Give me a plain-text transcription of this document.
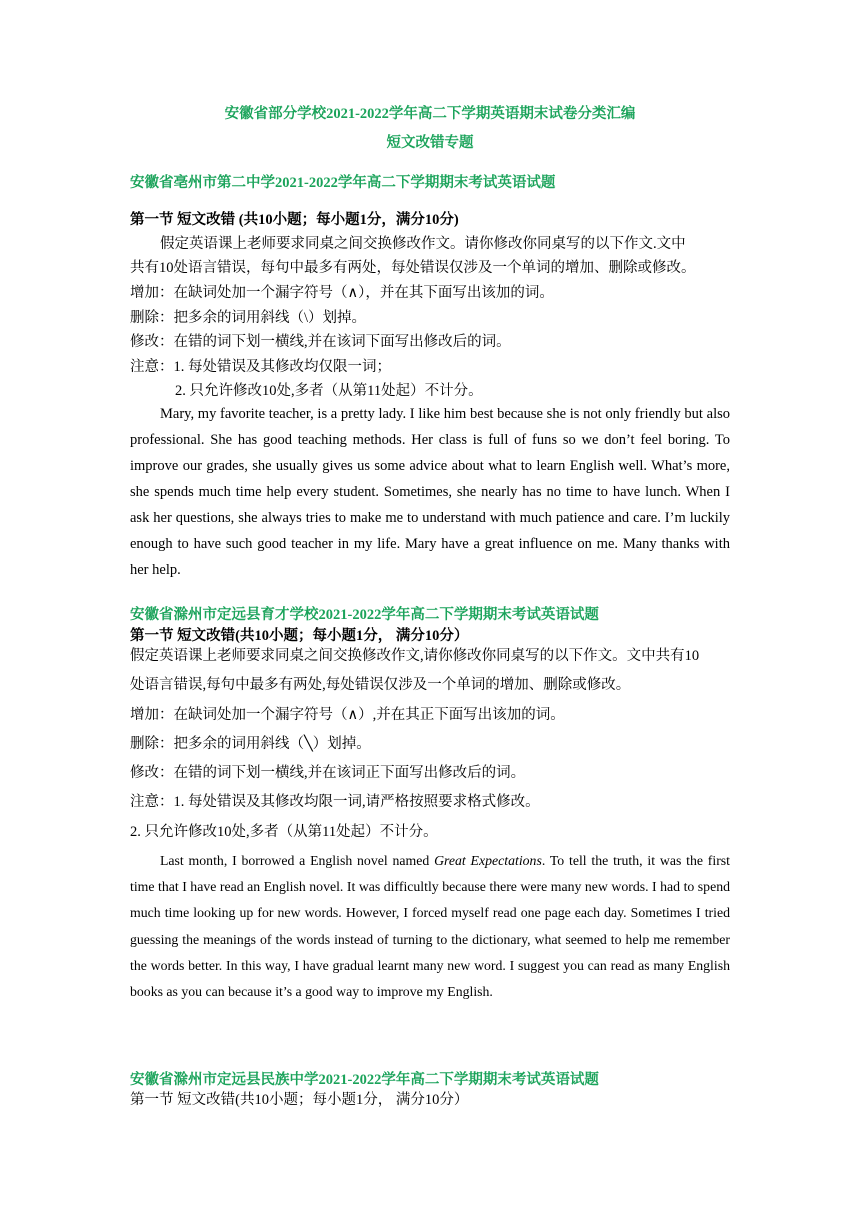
安徽省部分学校2021-2022学年高二下学期英语期末试卷分类汇编
短文改错专题
安徽省亳州市第二中学2021-2022学年高二下学期期末考试英语试题
第一节 短文改错 (共10小题；每小题1分，满分10分)
假定英语课上老师要求同桌之间交换修改作文。请你修改你同桌写的以下作文.文中
共有10处语言错误，每句中最多有两处，每处错误仅涉及一个单词的增加、删除或修改。
增加：在缺词处加一个漏字符号（∧），并在其下面写出该加的词。
删除：把多余的词用斜线（\）划掉。
修改：在错的词下划一横线,并在该词下面写出修改后的词。
注意：1. 每处错误及其修改均仅限一词；
2. 只允许修改10处,多者（从第11处起）不计分。

Mary, my favorite teacher, is a pretty lady. I like him best because she is not only friendly but also professional. She has good teaching methods. Her class is full of funs so we don’t feel boring. To improve our grades, she usually gives us some advice about what to learn English well. What’s more, she spends much time help every student. Sometimes, she nearly has no time to have lunch. When I ask her questions, she always tries to make me to understand with much patience and care. I’m luckily enough to have such good teacher in my life. Mary have a great influence on me. Many thanks with her help.

安徽省滁州市定远县育才学校2021-2022学年高二下学期期末考试英语试题
第一节 短文改错(共10小题；每小题1分， 满分10分）
假定英语课上老师要求同桌之间交换修改作文,请你修改你同桌写的以下作文。文中共有10
处语言错误,每句中最多有两处,每处错误仅涉及一个单词的增加、删除或修改。
增加：在缺词处加一个漏字符号（∧）,并在其正下面写出该加的词。
删除：把多余的词用斜线（╲）划掉。
修改：在错的词下划一横线,并在该词正下面写出修改后的词。
注意：1. 每处错误及其修改均限一词,请严格按照要求格式修改。
2. 只允许修改10处,多者（从第11处起）不计分。

Last month, I borrowed a English novel named Great Expectations. To tell the truth, it was the first time that I have read an English novel. It was difficultly because there were many new words. I had to spend much time looking up for new words. However, I forced myself read one page each day. Sometimes I tried guessing the meanings of the words instead of turning to the dictionary, what seemed to help me remember the words better. In this way, I have gradual learnt many new word. I suggest you can read as many English books as you can because it’s a good way to improve my English.

安徽省滁州市定远县民族中学2021-2022学年高二下学期期末考试英语试题
第一节 短文改错(共10小题；每小题1分， 满分10分）
